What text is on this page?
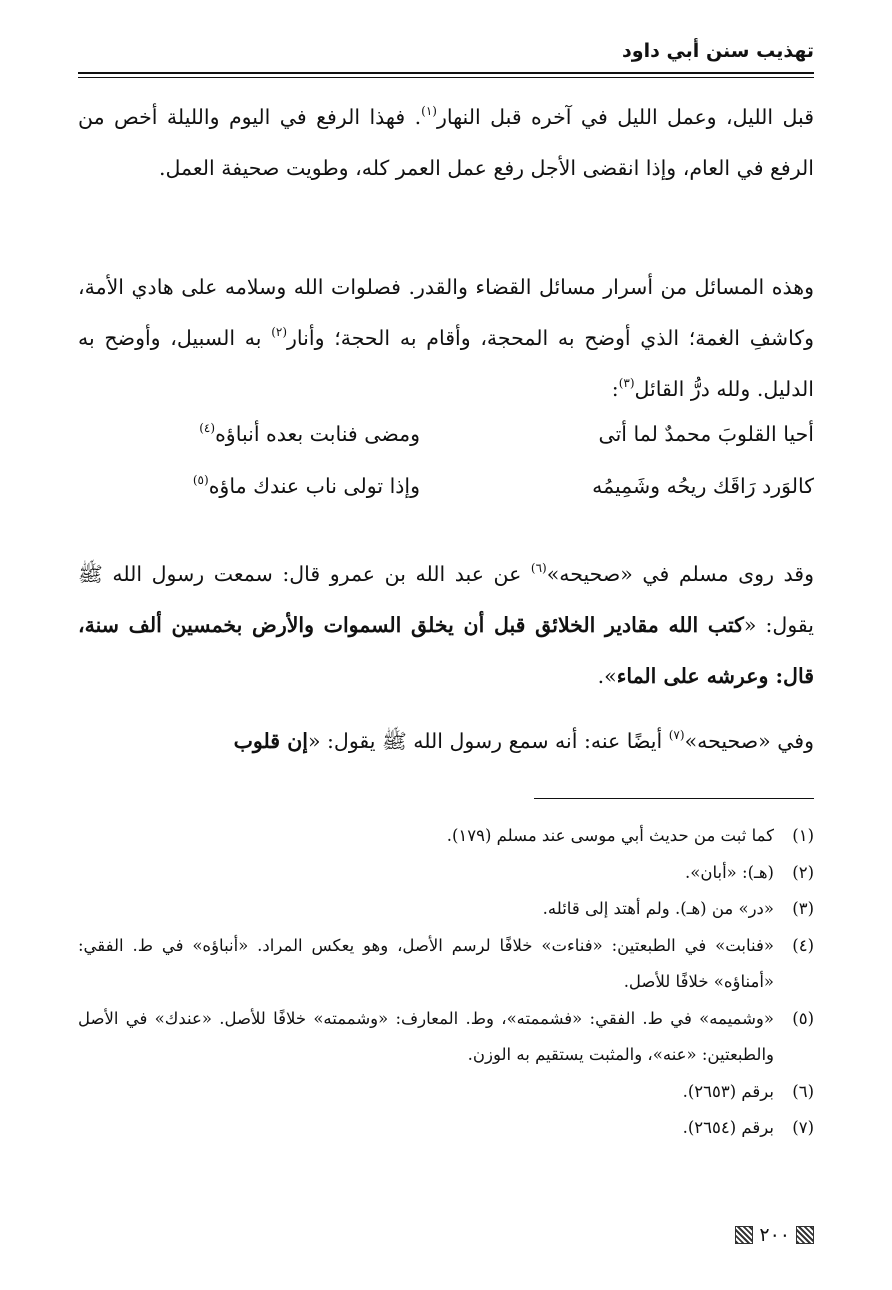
تهذيب سنن أبي داود
قبل الليل، وعمل الليل في آخره قبل النهار$^{(١)}$. فهذا الرفع في اليوم والليلة أخص من الرفع في العام، وإذا انقضى الأجل رفع عمل العمر كله، وطويت صحيفة العمل.
وهذه المسائل من أسرار مسائل القضاء والقدر. فصلوات الله وسلامه على هادي الأمة، وكاشفِ الغمة؛ الذي أوضح به المحجة، وأقام به الحجة؛ وأنار$^{(٢)}$ به السبيل، وأوضح به الدليل. ولله درُّ القائل$^{(٣)}$:
أحيا القلوبَ محمدٌ لما أتى
ومضى فنابت بعده أنباؤه$^{(٤)}$
كالوَرد رَاقَك ريحُه وشَمِيمُه
وإذا تولى ناب عندك ماؤه$^{(٥)}$
وقد روى مسلم في «صحيحه»$^{(٦)}$ عن عبد الله بن عمرو قال: سمعت رسول الله ﷺ يقول: «كتب الله مقادير الخلائق قبل أن يخلق السموات والأرض بخمسين ألف سنة، قال: وعرشه على الماء».
وفي «صحيحه»$^{(٧)}$ أيضًا عنه: أنه سمع رسول الله ﷺ يقول: «إن قلوب
(١)
كما ثبت من حديث أبي موسى عند مسلم (١٧٩).
(٢)
(هـ): «أبان».
(٣)
«در» من (هـ). ولم أهتد إلى قائله.
(٤)
«فنابت» في الطبعتين: «فناءت» خلافًا لرسم الأصل، وهو يعكس المراد. «أنباؤه» في ط. الفقي: «أمناؤه» خلافًا للأصل.
(٥)
«وشميمه» في ط. الفقي: «فشممته»، وط. المعارف: «وشممته» خلافًا للأصل. «عندك» في الأصل والطبعتين: «عنه»، والمثبت يستقيم به الوزن.
(٦)
برقم (٢٦٥٣).
(٧)
برقم (٢٦٥٤).
٢٠٠
